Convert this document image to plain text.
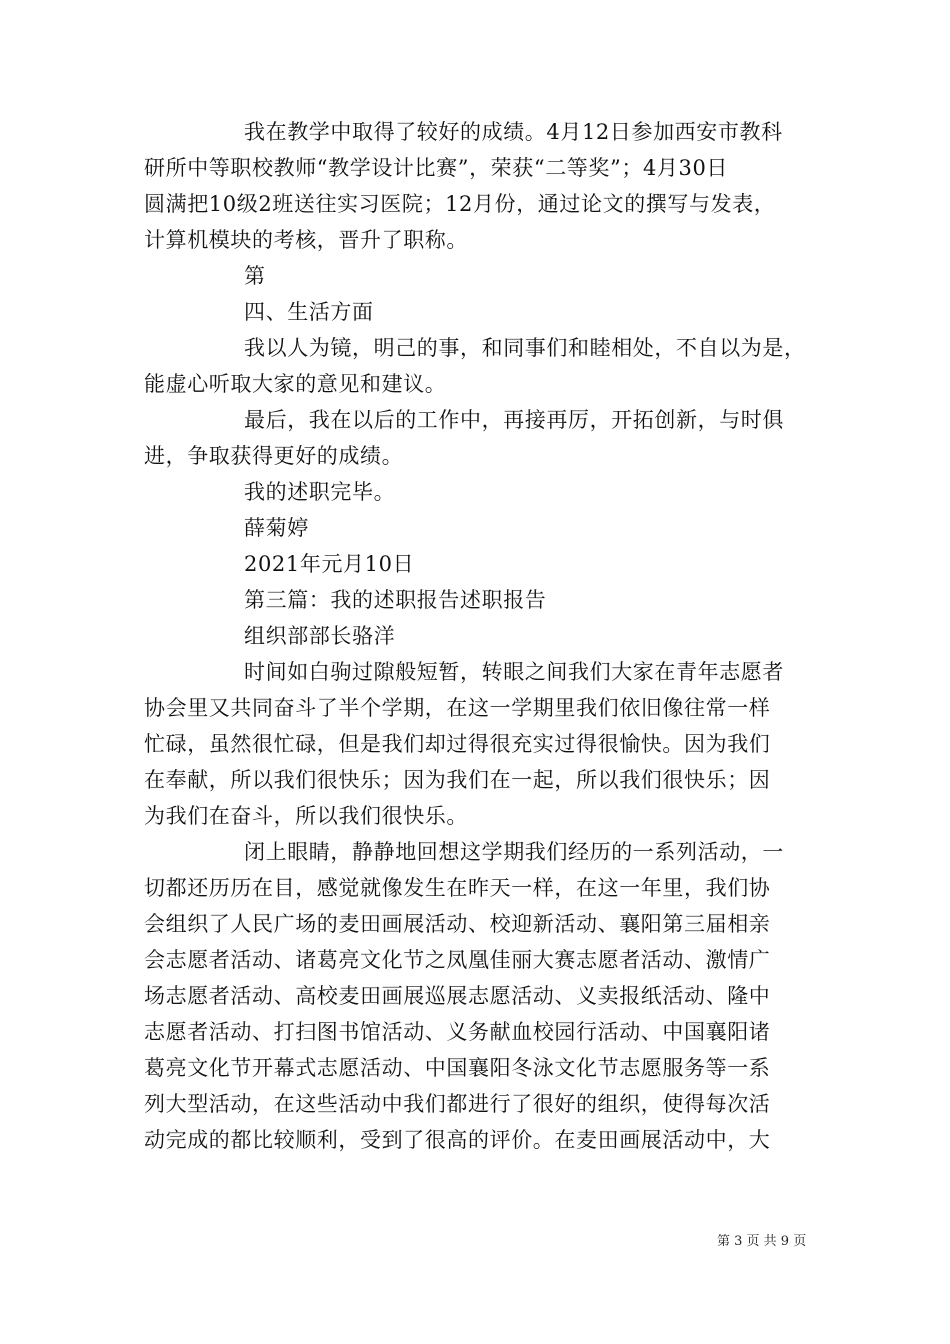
我在教学中取得了较好的成绩。4月12日参加西安市教科
研所中等职校教师“教学设计比赛”，荣获“二等奖”；4月30日
圆满把10级2班送往实习医院；12月份，通过论文的撰写与发表，
计算机模块的考核，晋升了职称。
第
四、生活方面
我以人为镜，明己的事，和同事们和睦相处，不自以为是，
能虚心听取大家的意见和建议。
最后，我在以后的工作中，再接再厉，开拓创新，与时俱
进，争取获得更好的成绩。
我的述职完毕。
薛菊婷
2021年元月10日
第三篇：我的述职报告述职报告
组织部部长骆洋
时间如白驹过隙般短暂，转眼之间我们大家在青年志愿者
协会里又共同奋斗了半个学期，在这一学期里我们依旧像往常一样
忙碌，虽然很忙碌，但是我们却过得很充实过得很愉快。因为我们
在奉献，所以我们很快乐；因为我们在一起，所以我们很快乐；因
为我们在奋斗，所以我们很快乐。
闭上眼睛，静静地回想这学期我们经历的一系列活动，一
切都还历历在目，感觉就像发生在昨天一样，在这一年里，我们协
会组织了人民广场的麦田画展活动、校迎新活动、襄阳第三届相亲
会志愿者活动、诸葛亮文化节之凤凰佳丽大赛志愿者活动、激情广
场志愿者活动、高校麦田画展巡展志愿活动、义卖报纸活动、隆中
志愿者活动、打扫图书馆活动、义务献血校园行活动、中国襄阳诸
葛亮文化节开幕式志愿活动、中国襄阳冬泳文化节志愿服务等一系
列大型活动，在这些活动中我们都进行了很好的组织，使得每次活
动完成的都比较顺利，受到了很高的评价。在麦田画展活动中，大
第 3 页 共 9 页
